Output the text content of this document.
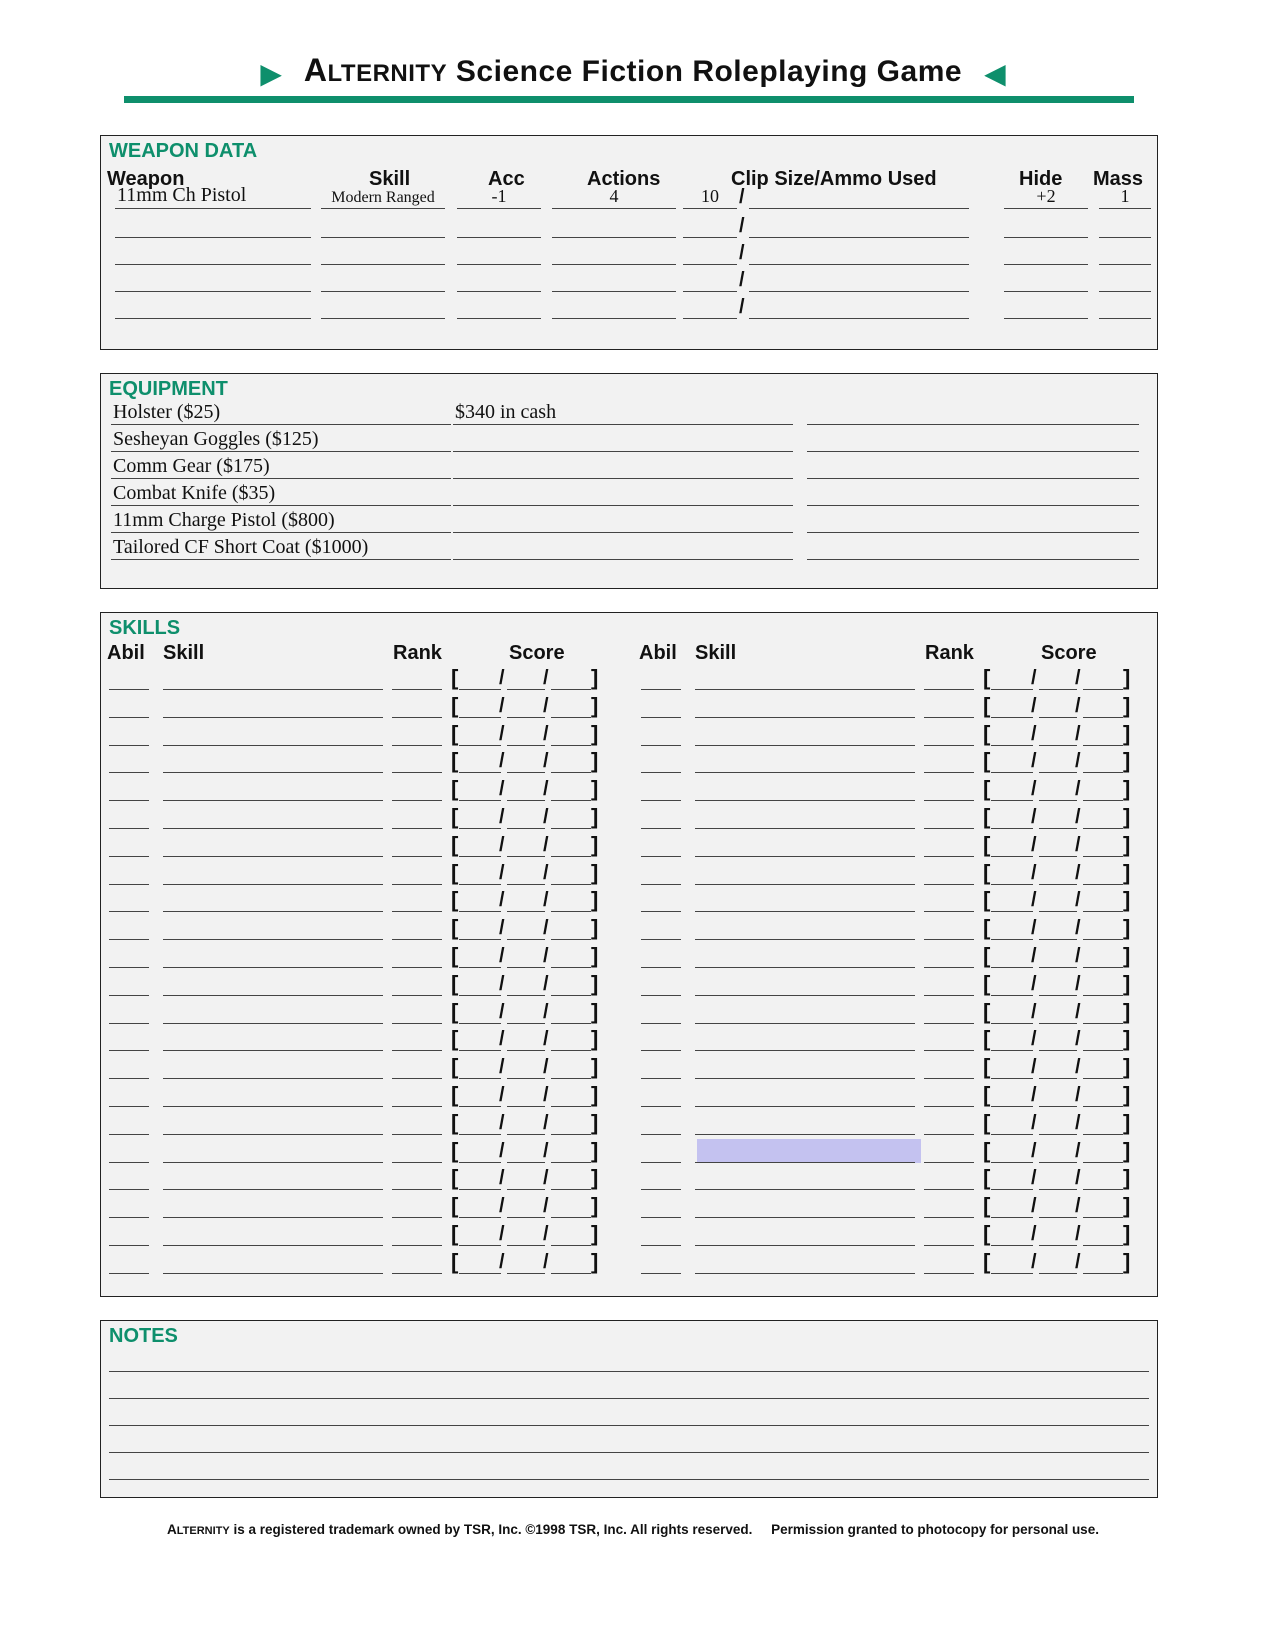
▶ ALTERNITY Science Fiction Roleplaying Game ◀
WEAPON DATA
Weapon	Skill	Acc	Actions	Clip Size/Ammo Used	Hide Mass
11mm Ch Pistol	Modern Ranged	-1	4	10	/	+2	1
/
/
/
/
EQUIPMENT
Holster ($25)	$340 in cash
Sesheyan Goggles ($125)
Comm Gear ($175)
Combat Knife ($35)
11mm Charge Pistol ($800)
Tailored CF Short Coat ($1000)
SKILLS
Abil Skill	Rank	Score	Abil Skill	Rank	Score
[ / / ]	[ / / ]
[ / / ]	[ / / ]
[ / / ]	[ / / ]
[ / / ]	[ / / ]
[ / / ]	[ / / ]
[ / / ]	[ / / ]
[ / / ]	[ / / ]
[ / / ]	[ / / ]
[ / / ]	[ / / ]
[ / / ]	[ / / ]
[ / / ]	[ / / ]
[ / / ]	[ / / ]
[ / / ]	[ / / ]
[ / / ]	[ / / ]
[ / / ]	[ / / ]
[ / / ]	[ / / ]
[ / / ]	[ / / ]
[ / / ]	[ / / ]
[ / / ]	[ / / ]
[ / / ]	[ / / ]
[ / / ]	[ / / ]
[ / / ]	[ / / ]
NOTES
ALTERNITY is a registered trademark owned by TSR, Inc. ©1998 TSR, Inc. All rights reserved. Permission granted to photocopy for personal use.
